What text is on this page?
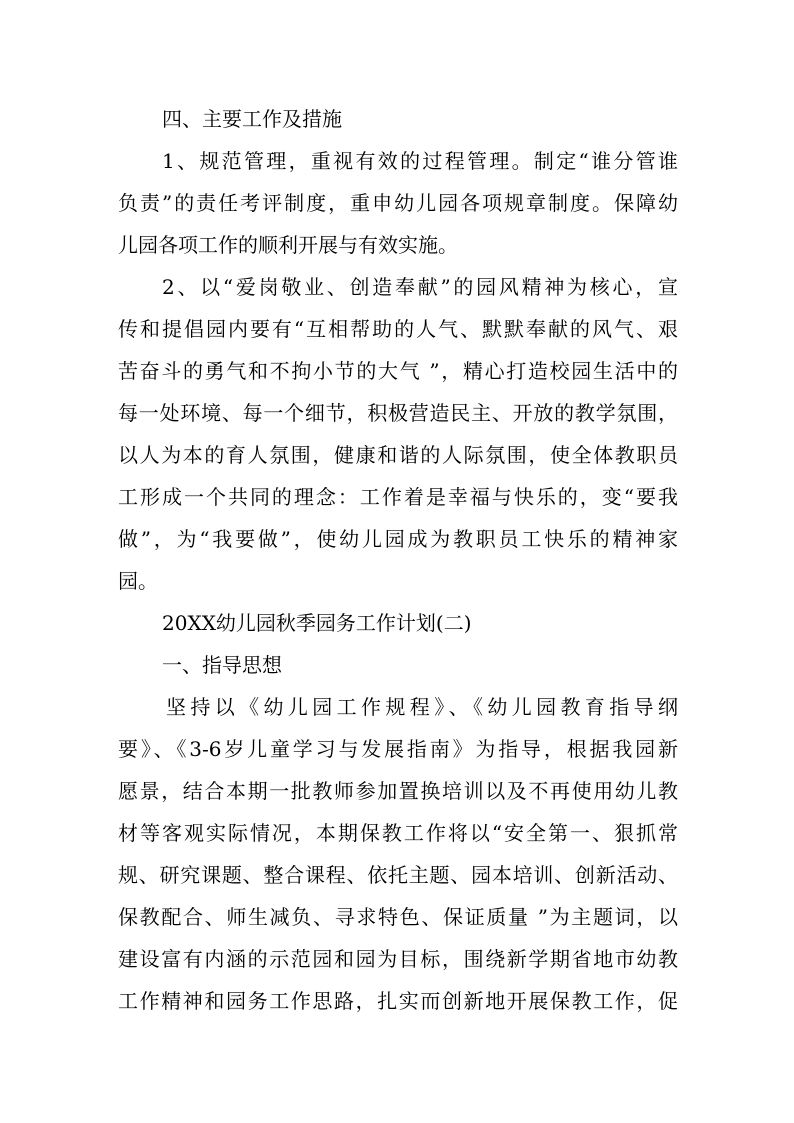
四、主要工作及措施
1、规范管理，重视有效的过程管理。制定“谁分管谁
负责”的责任考评制度，重申幼儿园各项规章制度。保障幼
儿园各项工作的顺利开展与有效实施。
2、以“爱岗敬业、创造奉献”的园风精神为核心，宣
传和提倡园内要有“互相帮助的人气、默默奉献的风气、艰
苦奋斗的勇气和不拘小节的大气 ”，精心打造校园生活中的
每一处环境、每一个细节，积极营造民主、开放的教学氛围，
以人为本的育人氛围，健康和谐的人际氛围，使全体教职员
工形成一个共同的理念：工作着是幸福与快乐的，变“要我
做”，为“我要做”，使幼儿园成为教职员工快乐的精神家
园。
20XX幼儿园秋季园务工作计划(二)
一、指导思想
坚持以《幼儿园工作规程》、《幼儿园教育指导纲
要》、《3-6岁儿童学习与发展指南》为指导，根据我园新
愿景，结合本期一批教师参加置换培训以及不再使用幼儿教
材等客观实际情况，本期保教工作将以“安全第一、狠抓常
规、研究课题、整合课程、依托主题、园本培训、创新活动、
保教配合、师生减负、寻求特色、保证质量 ”为主题词，以
建设富有内涵的示范园和园为目标，围绕新学期省地市幼教
工作精神和园务工作思路，扎实而创新地开展保教工作，促
